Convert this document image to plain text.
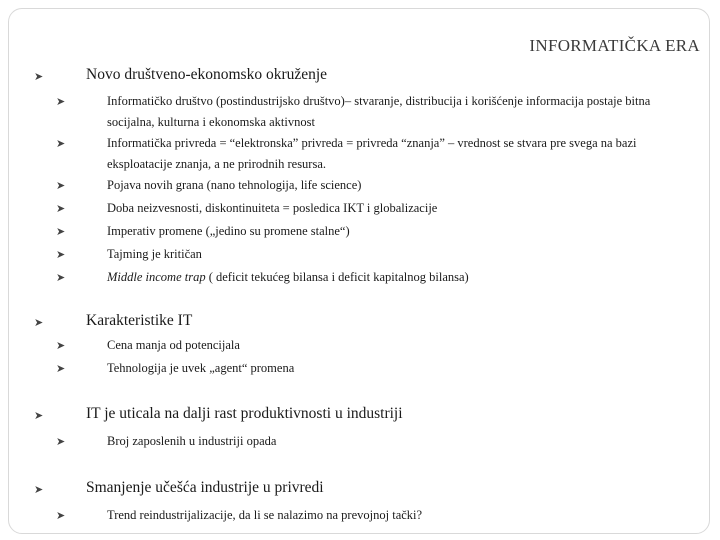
INFORMATIČKA ERA
➤	Novo društveno-ekonomsko okruženje
➤	Informatičko društvo (postindustrijsko društvo)– stvaranje, distribucija i korišćenje informacija postaje bitna socijalna, kulturna i ekonomska aktivnost
➤	Informatička privreda = “elektronska” privreda = privreda “znanja” – vrednost se stvara pre svega na bazi eksploatacije znanja, a ne prirodnih resursa.
➤	Pojava novih grana (nano tehnologija, life science)
➤	Doba neizvesnosti, diskontinuiteta = posledica IKT i globalizacije
➤	Imperativ promene („jedino su promene stalne“)
➤	Tajming je kritičan
➤	Middle income trap ( deficit tekućeg bilansa i deficit kapitalnog bilansa)
➤	Karakteristike IT
➤	Cena manja od potencijala
➤	Tehnologija je uvek „agent“ promena
➤	IT je uticala na dalji rast produktivnosti u industriji
➤	Broj zaposlenih u industriji opada
➤	Smanjenje učešća industrije u privredi
➤	Trend reindustrijalizacije, da li se nalazimo na prevojnoj tački?
